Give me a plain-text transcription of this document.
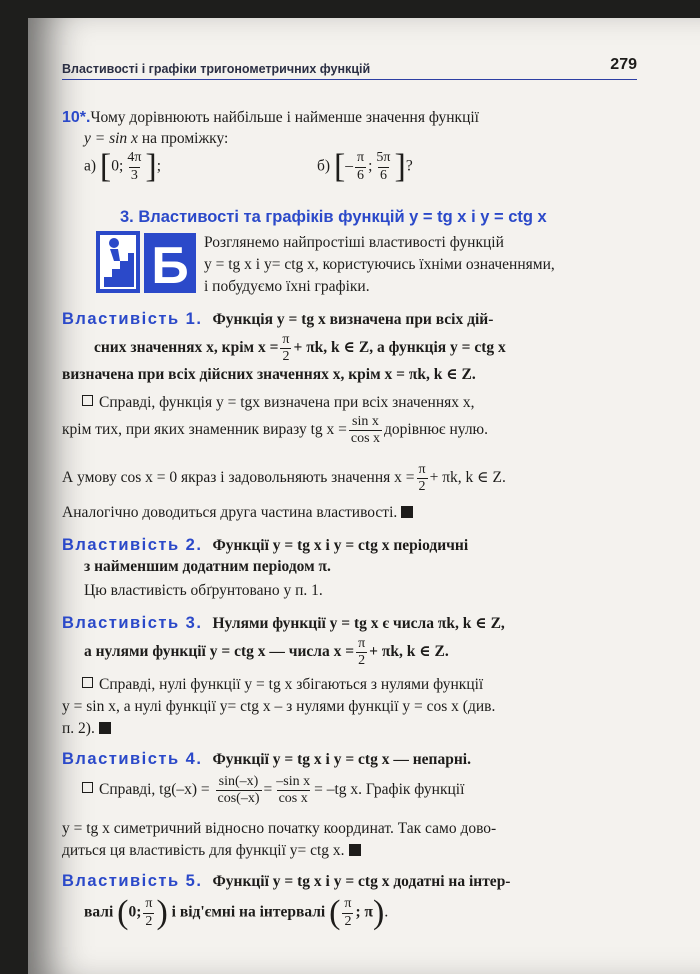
Властивості і графіки тригонометричних функцій	279
10*.Чому дорівнюють найбільше і найменше значення функції
y = sin x на проміжку:
а) [0; $\frac{4\pi}{3}$ ];	б) [– $\frac{\pi}{6}$ ; $\frac{5\pi}{6}$ ]?
3. Властивості та графіків функцій y = tg x і y = ctg x
Б Розглянемо найпростіші властивості функцій
y = tg x і y= ctg x, користуючись їхніми означеннями,
і побудуємо їхні графіки.
Властивість 1. Функція y = tg x визначена при всіх дій-
сних значеннях x, крім $x = \frac{\pi}{2} + \pi k$, k ∈ Z, а функція y = ctg x
визначена при всіх дійсних значеннях x, крім x = πk, k ∈ Z.
Справді, функція y = tgx визначена при всіх значеннях x,
крім тих, при яких знаменник виразу tg $x = \frac{\text{sin x}}{\text{cos x}}$ дорівнює нулю.
А умову cos x = 0 якраз і задовольняють значення $x = \frac{\pi}{2} + \pi k$, k ∈ Z.
Аналогічно доводиться друга частина властивості.
Властивість 2. Функції y = tg x і y = ctg x періодичні
з найменшим додатним періодом π.
Цю властивість обґрунтовано у п. 1.
Властивість 3. Нулями функції y = tg x є числа πk, k ∈ Z,
а нулями функції y = ctg x — числа $x = \frac{\pi}{2} + \pi k$, k ∈ Z.
Справді, нулі функції y = tg x збігаються з нулями функції
y = sin x, а нулі функції y= ctg x – з нулями функції y = cos x (див.
п. 2).
Властивість 4. Функції y = tg x і y = ctg x — непарні.
Справді, $tg(-x) = \frac{\sin(-x)}{\cos(-x)} = \frac{\text{–sin x}}{\text{cos x}} = -tg$ x. Графік функції
y = tg x симетричний відносно початку координат. Так само дово-
диться ця властивість для функції y= ctg x.
Властивість 5. Функції y = tg x і y = ctg x додатні на інтер-
валі (0; $\frac{\pi}{2}$ ) і від'ємні на інтервалі ( $\frac{\pi}{2}$ ; π).
